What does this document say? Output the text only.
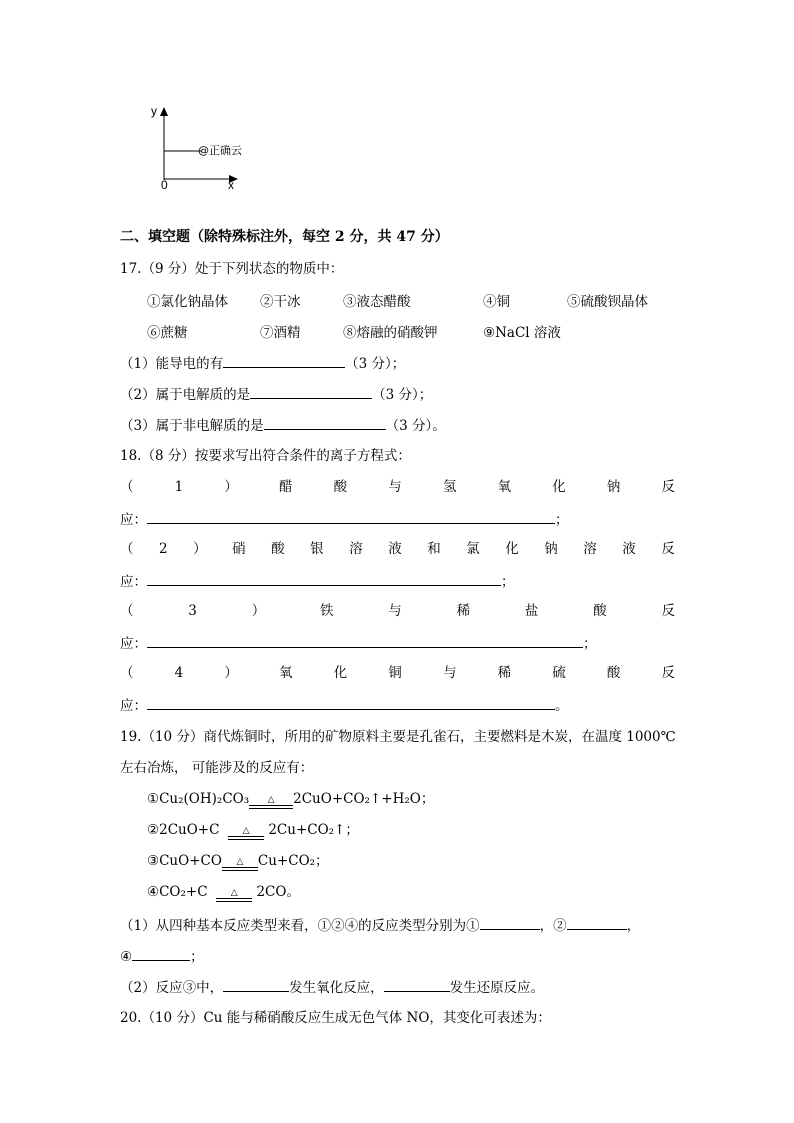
y
x
0
@正确云
二、填空题（除特殊标注外，每空 2 分，共 47 分）
17.（9 分）处于下列状态的物质中：
①氯化钠晶体 ②干冰	③液态醋酸	④铜	⑤硫酸钡晶体
⑥蔗糖	⑦酒精	⑧熔融的硝酸钾	⑨NaCl 溶液
（1）能导电的有	（3 分）；
（2）属于电解质的是	（3 分）；
（3）属于非电解质的是	（3 分）。
18.（8 分）按要求写出符合条件的离子方程式：
（	1	）	醋	酸	与	氢	氧	化	钠	反
应：	；
（ 2 ） 硝 酸 银 溶 液 和 氯 化 钠 溶 液 反
应：	；
（	3	）	铁	与	稀	盐	酸	反
应：	；
（	4	）	氧	化	铜	与	稀	硫	酸	反
应：	。
19.（10 分）商代炼铜时，所用的矿物原料主要是孔雀石，主要燃料是木炭，在温度 1000℃
左右冶炼， 可能涉及的反应有：
①Cu₂(OH)₂CO₃	△	2CuO+CO₂↑+H₂O；
②2CuO+C	△	2Cu+CO₂↑；
③CuO+CO	△	Cu+CO₂；
④CO₂+C	△	2CO。
（1）从四种基本反应类型来看，①②④的反应类型分别为①	，②	，
④	；
（2）反应③中，	发生氧化反应，	发生还原反应。
20.（10 分）Cu 能与稀硝酸反应生成无色气体 NO，其变化可表述为：
